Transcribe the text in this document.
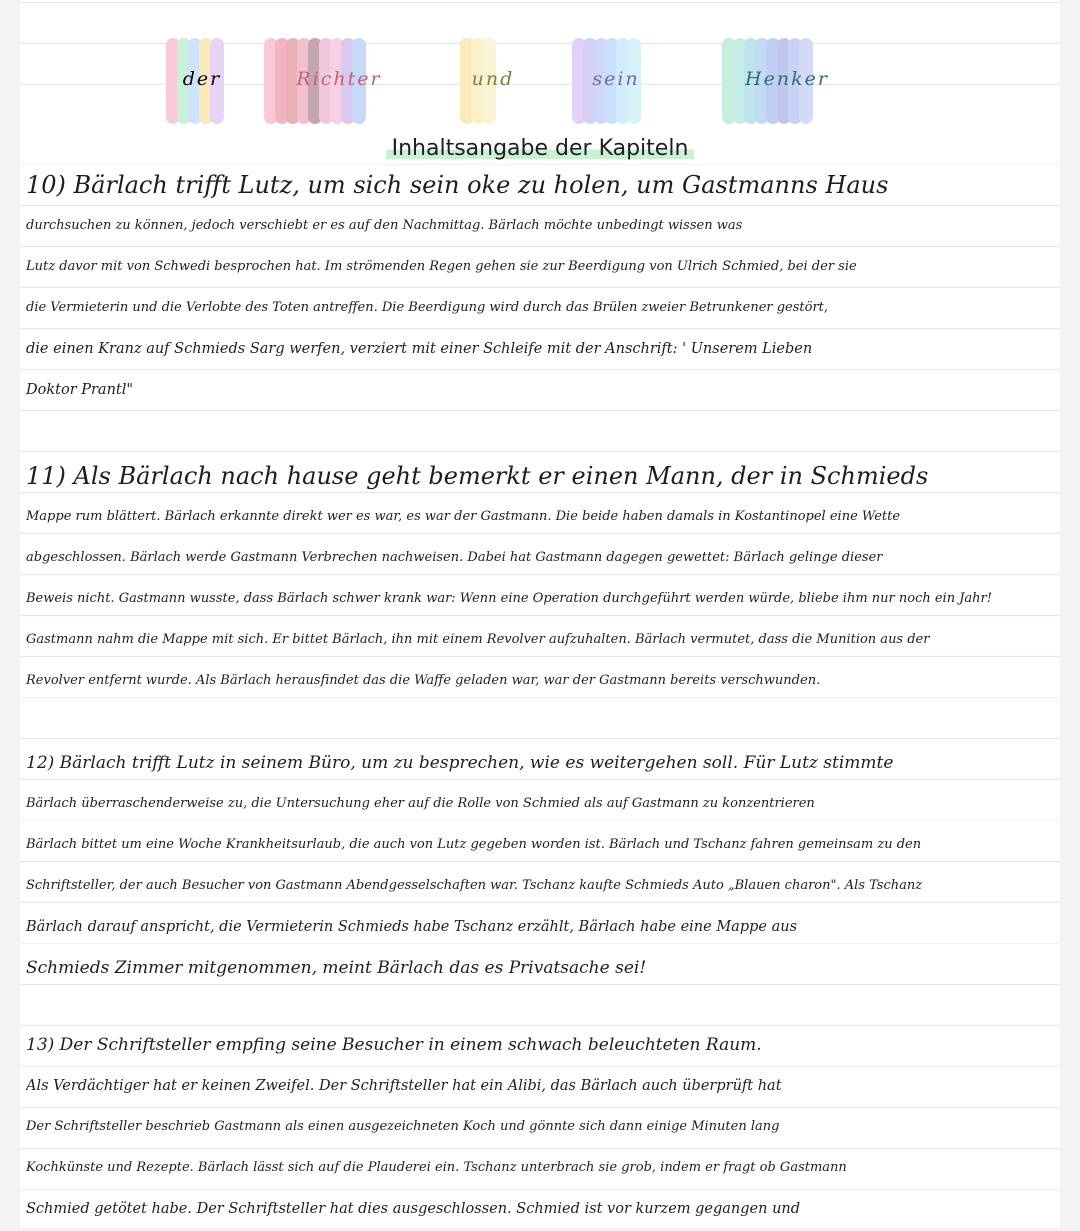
der	Richter	und	sein	Henker
Inhaltsangabe der Kapiteln
10) Bärlach trifft Lutz, um sich sein oke zu holen, um Gastmanns Haus
durchsuchen zu können, jedoch verschiebt er es auf den Nachmittag. Bärlach möchte unbedingt wissen was
Lutz davor mit von Schwedi besprochen hat. Im strömenden Regen gehen sie zur Beerdigung von Ulrich Schmied, bei der sie
die Vermieterin und die Verlobte des Toten antreffen. Die Beerdigung wird durch das Brülen zweier Betrunkener gestört,
die einen Kranz auf Schmieds Sarg werfen, verziert mit einer Schleife mit der Anschrift: ' Unserem Lieben
Doktor Prantl"
11) Als Bärlach nach hause geht bemerkt er einen Mann, der in Schmieds
Mappe rum blättert. Bärlach erkannte direkt wer es war, es war der Gastmann. Die beide haben damals in Kostantinopel eine Wette
abgeschlossen. Bärlach werde Gastmann Verbrechen nachweisen. Dabei hat Gastmann dagegen gewettet: Bärlach gelinge dieser
Beweis nicht. Gastmann wusste, dass Bärlach schwer krank war: Wenn eine Operation durchgeführt werden würde, bliebe ihm nur noch ein Jahr!
Gastmann nahm die Mappe mit sich. Er bittet Bärlach, ihn mit einem Revolver aufzuhalten. Bärlach vermutet, dass die Munition aus der
Revolver entfernt wurde. Als Bärlach herausfindet das die Waffe geladen war, war der Gastmann bereits verschwunden.
12) Bärlach trifft Lutz in seinem Büro, um zu besprechen, wie es weitergehen soll. Für Lutz stimmte
Bärlach überraschenderweise zu, die Untersuchung eher auf die Rolle von Schmied als auf Gastmann zu konzentrieren
Bärlach bittet um eine Woche Krankheitsurlaub, die auch von Lutz gegeben worden ist. Bärlach und Tschanz fahren gemeinsam zu den
Schriftsteller, der auch Besucher von Gastmann Abendgesselschaften war. Tschanz kaufte Schmieds Auto „Blauen charon". Als Tschanz
Bärlach darauf anspricht, die Vermieterin Schmieds habe Tschanz erzählt, Bärlach habe eine Mappe aus
Schmieds Zimmer mitgenommen, meint Bärlach das es Privatsache sei!
13) Der Schriftsteller empfing seine Besucher in einem schwach beleuchteten Raum.
Als Verdächtiger hat er keinen Zweifel. Der Schriftsteller hat ein Alibi, das Bärlach auch überprüft hat
Der Schriftsteller beschrieb Gastmann als einen ausgezeichneten Koch und gönnte sich dann einige Minuten lang
Kochkünste und Rezepte. Bärlach lässt sich auf die Plauderei ein. Tschanz unterbrach sie grob, indem er fragt ob Gastmann
Schmied getötet habe. Der Schriftsteller hat dies ausgeschlossen. Schmied ist vor kurzem gegangen und
